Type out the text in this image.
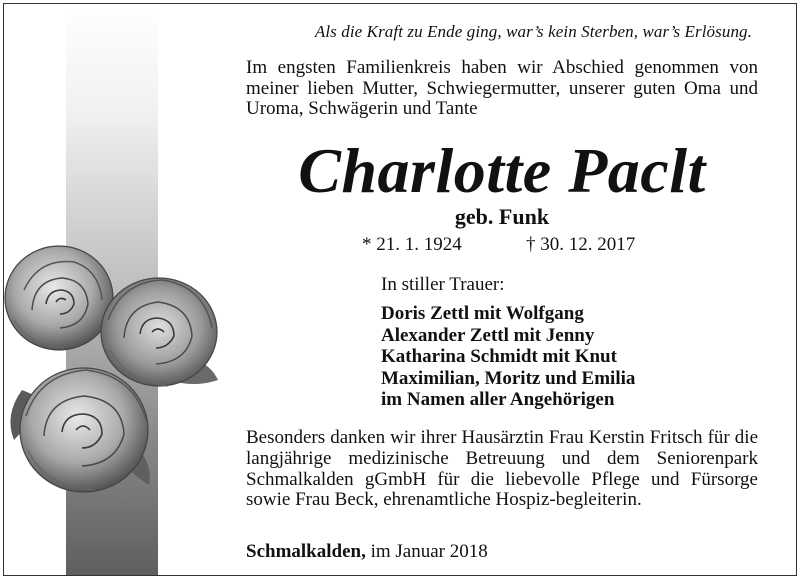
Als die Kraft zu Ende ging, war’s kein Sterben, war’s Erlösung.
Im engsten Familienkreis haben wir Abschied genommen von meiner lieben Mutter, Schwiegermutter, unserer guten Oma und Uroma, Schwägerin und Tante
Charlotte Paclt
geb. Funk
* 21. 1. 1924	† 30. 12. 2017
In stiller Trauer:
Doris Zettl mit Wolfgang
Alexander Zettl mit Jenny
Katharina Schmidt mit Knut
Maximilian, Moritz und Emilia
im Namen aller Angehörigen
Besonders danken wir ihrer Hausärztin Frau Kerstin Fritsch für die langjährige medizinische Betreuung und dem Seniorenpark Schmalkalden gGmbH für die liebevolle Pflege und Fürsorge sowie Frau Beck, ehrenamtliche Hospiz-begleiterin.
Schmalkalden, im Januar 2018
